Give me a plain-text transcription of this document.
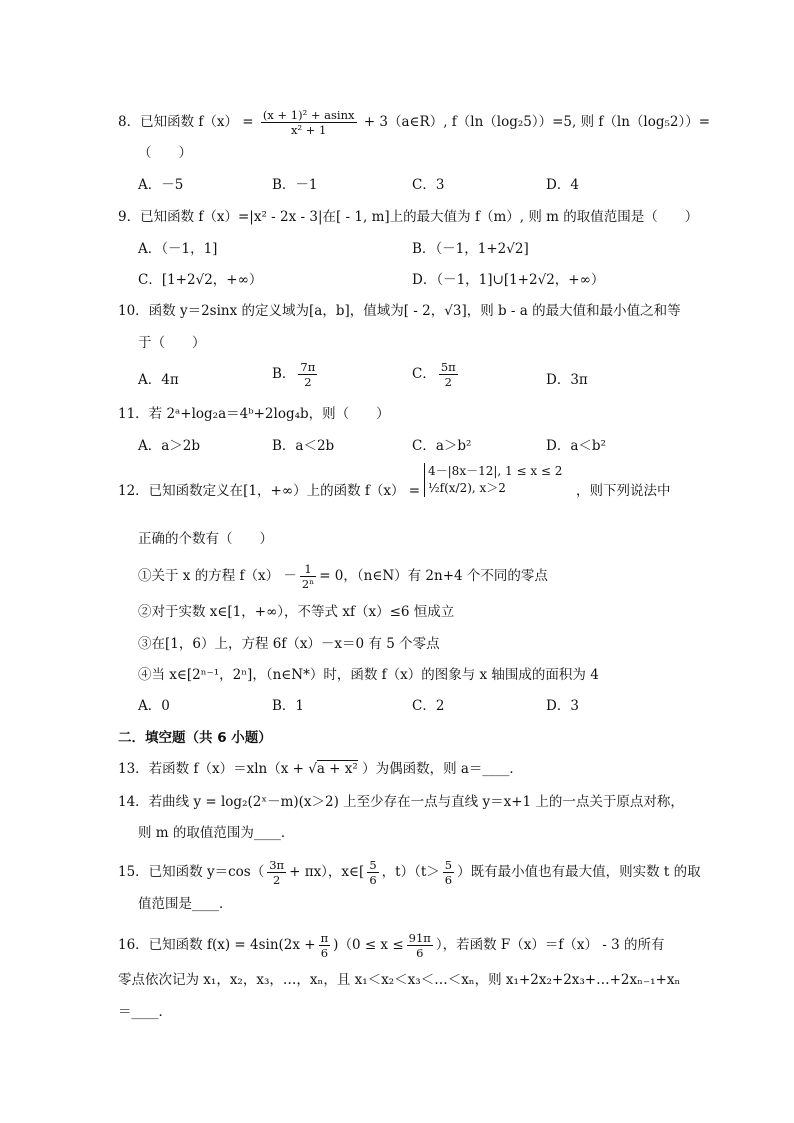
8．已知函数 $f(x) = \frac{\text{(x + 1)² + asinx}}{\text{x² + 1}}$ + 3（a∈R）, f（ln（log₂5））=5, 则 f（ln（log₅2））=
（　　）
A．－5	B．－1	C．3	D．4
9．已知函数 f（x）=|x² - 2x - 3|在[ - 1, m]上的最大值为 f（m）, 则 m 的取值范围是（　　）
A．（－1，1]	B．（－1，1+2√2]
C．[1+2√2，+∞）	D．（－1，1]∪[1+2√2，+∞）
10．函数 y＝2sinx 的定义域为[a，b]，值域为[ - 2，√3]，则 b - a 的最大值和最小值之和等
于（　　）
A．4π	B． $\frac{7\pi}{2}$	C． $\frac{5\pi}{2}$	D．3π
11．若 2ᵃ+log₂a＝4ᵇ+2log₄b，则（　　）
A．a＞2b	B．a＜2b	C．a＞b²	D．a＜b²
12．已知函数定义在[1，+∞）上的函数 f（x） =
4－|8x－12|, 1 ≤ x ≤ 2
½f(x/2), x＞2	，则下列说法中
正确的个数有（　　）
①关于 x 的方程 $f(x) - \frac{1}{\text{2ⁿ}} = 0$，（n∈N）有 2n+4 个不同的零点
②对于实数 x∈[1，+∞），不等式 xf（x）≤6 恒成立
③在[1，6）上，方程 6f（x）－x＝0 有 5 个零点
④当 x∈[2ⁿ⁻¹，2ⁿ]，（n∈N*）时，函数 f（x）的图象与 x 轴围成的面积为 4
A．0	B．1	C．2	D．3
二．填空题（共 6 小题）
13．若函数 f（x）＝xln（x + √a + x² ）为偶函数，则 a＝____．
14．若曲线 y = log₂(2ˣ－m)(x＞2) 上至少存在一点与直线 y＝x+1 上的一点关于原点对称，
则 m 的取值范围为____．
15．已知函数 $y=\cos( \frac{3\pi}{2} + \pi x)$，x∈[ $\frac{5}{6}$ ，$t)(t> \frac{5}{6}$ ）既有最小值也有最大值，则实数 t 的取
值范围是____．
16．已知函数 $f(x) = 4\sin(2x + \frac{\pi}{6} )(0 \le x \le \frac{91\pi}{6}$ ），若函数 F（x）＝f（x） - 3 的所有
零点依次记为 x₁，x₂，x₃，…，xₙ，且 x₁＜x₂＜x₃＜…＜xₙ，则 x₁+2x₂+2x₃+…+2xₙ₋₁+xₙ
＝____．
